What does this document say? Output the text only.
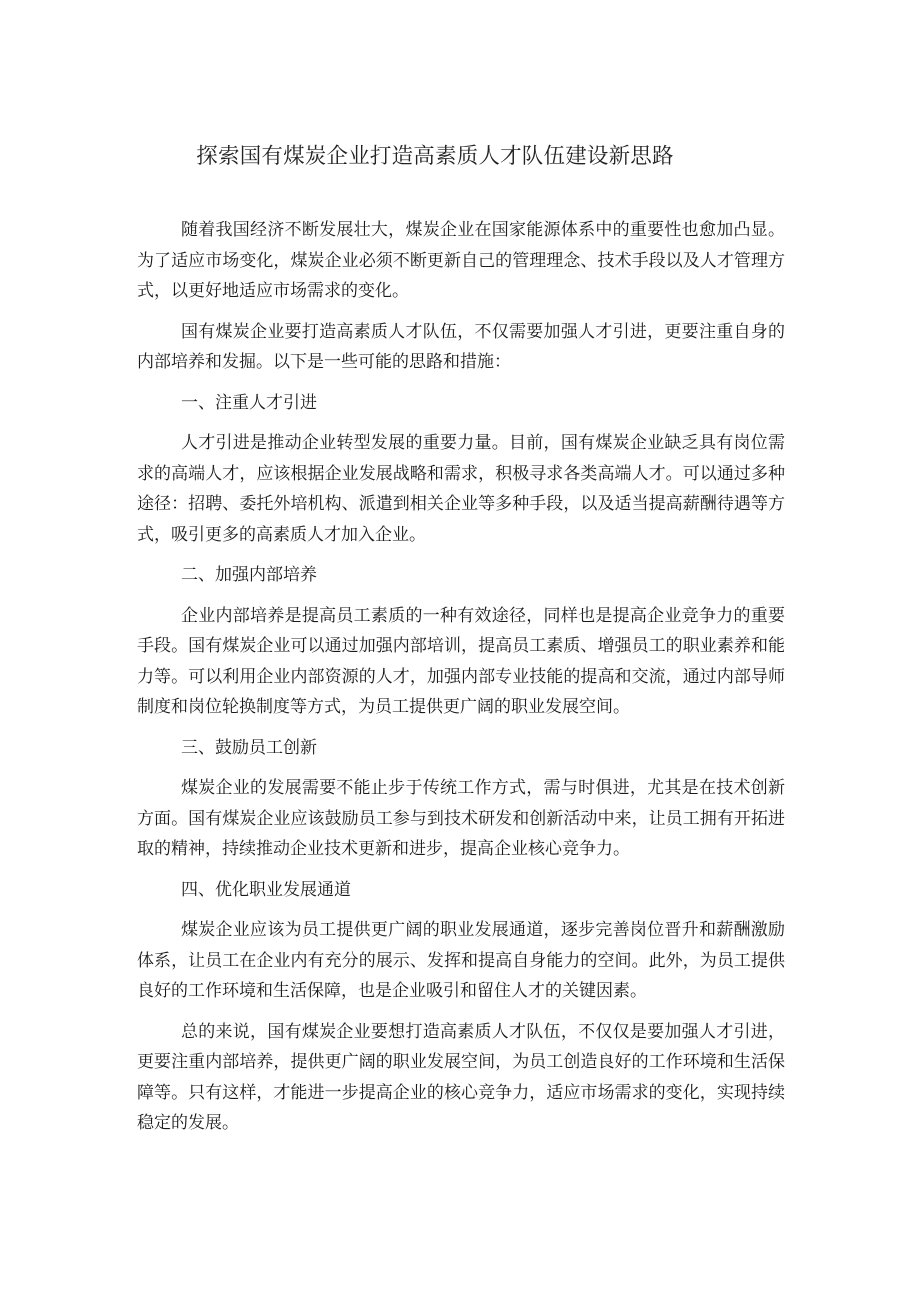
探索国有煤炭企业打造高素质人才队伍建设新思路

随着我国经济不断发展壮大，煤炭企业在国家能源体系中的重要性也愈加凸显。为了适应市场变化，煤炭企业必须不断更新自己的管理理念、技术手段以及人才管理方式，以更好地适应市场需求的变化。

国有煤炭企业要打造高素质人才队伍，不仅需要加强人才引进，更要注重自身的内部培养和发掘。以下是一些可能的思路和措施：

一、注重人才引进

人才引进是推动企业转型发展的重要力量。目前，国有煤炭企业缺乏具有岗位需求的高端人才，应该根据企业发展战略和需求，积极寻求各类高端人才。可以通过多种途径：招聘、委托外培机构、派遣到相关企业等多种手段，以及适当提高薪酬待遇等方式，吸引更多的高素质人才加入企业。

二、加强内部培养

企业内部培养是提高员工素质的一种有效途径，同样也是提高企业竞争力的重要手段。国有煤炭企业可以通过加强内部培训，提高员工素质、增强员工的职业素养和能力等。可以利用企业内部资源的人才，加强内部专业技能的提高和交流，通过内部导师制度和岗位轮换制度等方式，为员工提供更广阔的职业发展空间。

三、鼓励员工创新

煤炭企业的发展需要不能止步于传统工作方式，需与时俱进，尤其是在技术创新方面。国有煤炭企业应该鼓励员工参与到技术研发和创新活动中来，让员工拥有开拓进取的精神，持续推动企业技术更新和进步，提高企业核心竞争力。

四、优化职业发展通道

煤炭企业应该为员工提供更广阔的职业发展通道，逐步完善岗位晋升和薪酬激励体系，让员工在企业内有充分的展示、发挥和提高自身能力的空间。此外，为员工提供良好的工作环境和生活保障，也是企业吸引和留住人才的关键因素。

总的来说，国有煤炭企业要想打造高素质人才队伍，不仅仅是要加强人才引进，更要注重内部培养，提供更广阔的职业发展空间，为员工创造良好的工作环境和生活保障等。只有这样，才能进一步提高企业的核心竞争力，适应市场需求的变化，实现持续稳定的发展。
